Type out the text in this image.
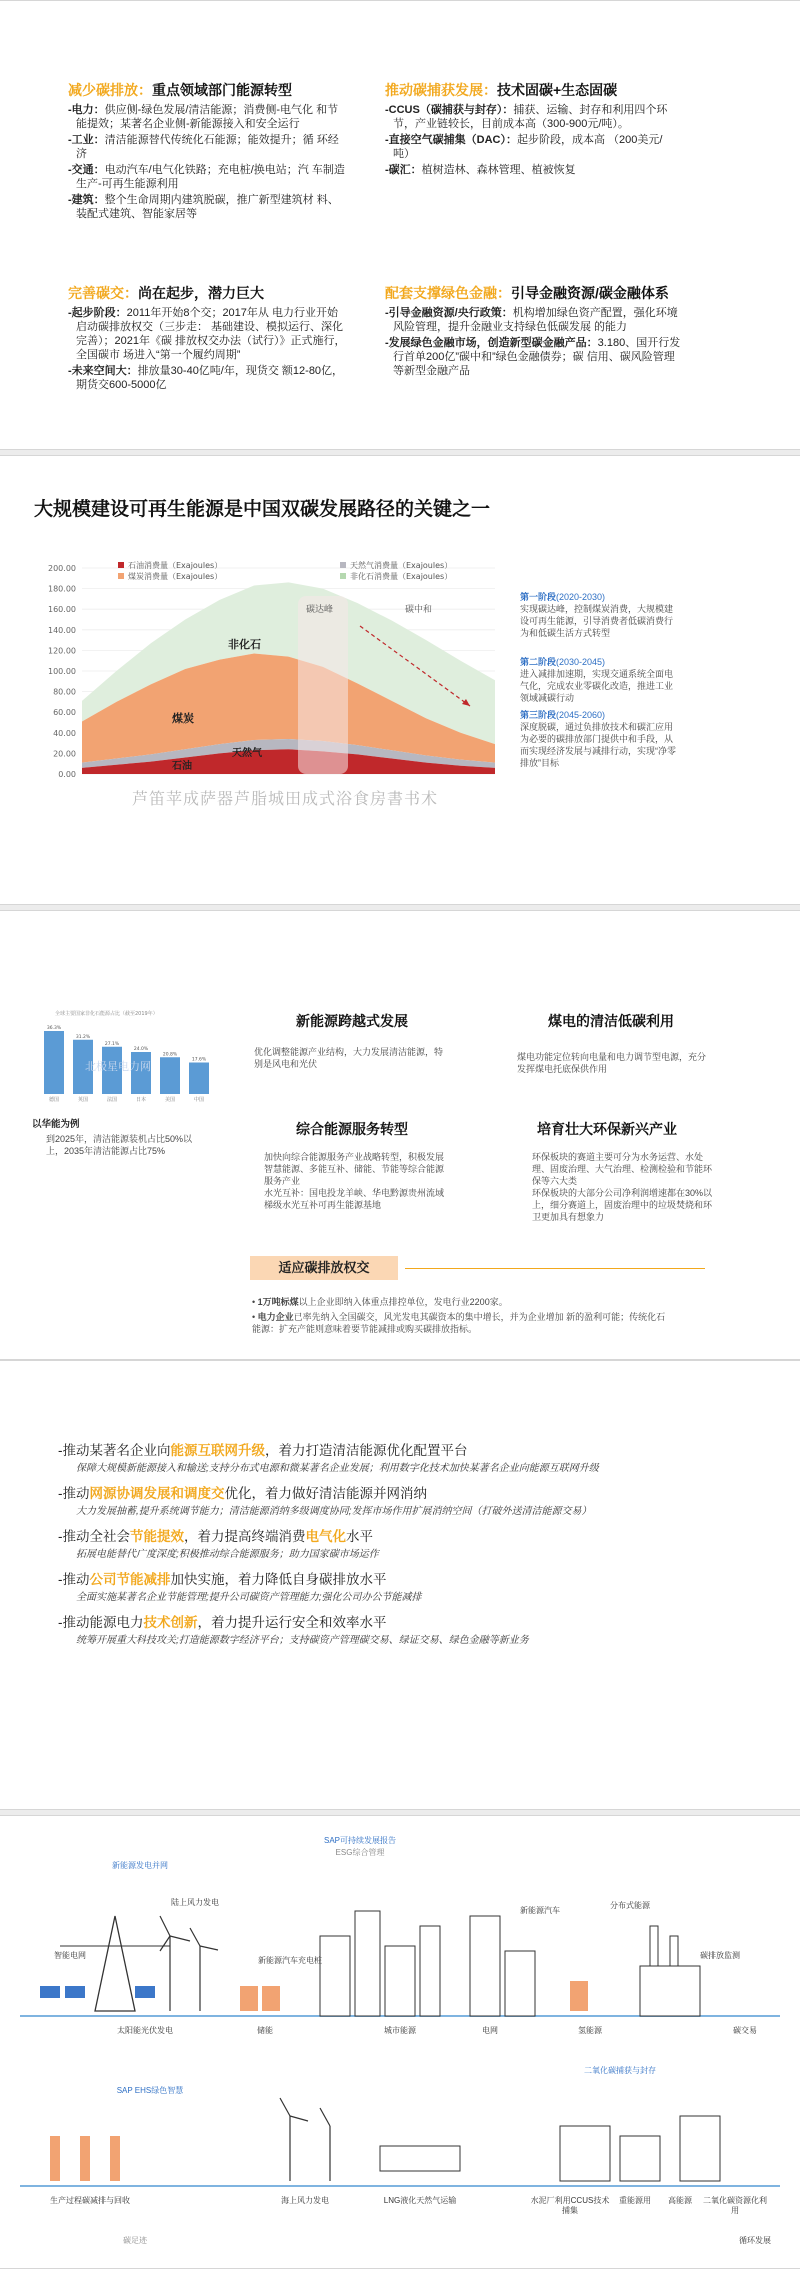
减少碳排放：重点领域部门能源转型
-电力：供应侧-绿色发展/清洁能源；消费侧-电气化 和节能提效；某著名企业侧-新能源接入和安全运行
-工业：清洁能源替代传统化石能源；能效提升；循 环经济
-交通：电动汽车/电气化铁路；充电桩/换电站；汽 车制造生产-可再生能源利用
-建筑：整个生命周期内建筑脱碳，推广新型建筑材 料、装配式建筑、智能家居等
推动碳捕获发展：技术固碳+生态固碳
-CCUS（碳捕获与封存）：捕获、运输、封存和利用四个环节，产业链较长，目前成本高（300-900元/吨）。
-直接空气碳捕集（DAC）：起步阶段，成本高 （200美元/吨）
-碳汇：植树造林、森林管理、植被恢复
完善碳交：尚在起步，潜力巨大
-起步阶段：2011年开始8个交；2017年从 电力行业开始启动碳排放权交（三步走： 基础建设、模拟运行、深化完善）；2021年《碳 排放权交办法（试行）》正式施行，全国碳市 场进入“第一个履约周期”
-未来空间大：排放量30-40亿吨/年，现货交 额12-80亿，期货交600-5000亿
配套支撑绿色金融：引导金融资源/碳金融体系
-引导金融资源/央行政策：机构增加绿色资产配置，强化环境风险管理，提升金融业支持绿色低碳发展 的能力
-发展绿色金融市场，创造新型碳金融产品：3.180、国开行发行首单200亿”碳中和”绿色金融债券；碳 信用、碳风险管理等新型金融产品
大规模建设可再生能源是中国双碳发展路径的关键之一
200.00
180.00
160.00
140.00
120.00
100.00
80.00
60.00
40.00
20.00
0.00
碳达峰	碳中和
石油消费量（Exajoules）
煤炭消费量（Exajoules）
天然气消费量（Exajoules）
非化石消费量（Exajoules）
非化石
煤炭
天然气
石油
第一阶段(2020-2030)
实现碳达峰，控制煤炭消费，大规模建设可再生能源，引导消费者低碳消费行为和低碳生活方式转型
第二阶段(2030-2045)
进入减排加速期，实现交通系统全面电气化，完成农业零碳化改造，推进工业领域减碳行动
第三阶段(2045-2060)
深度脱碳，通过负排放技术和碳汇应用为必要的碳排放部门提供中和手段，从而实现经济发展与减排行动，实现“净零排放”目标
芦笛苹成萨器芦脂城田成式浴食房書书术
全球主要国家非化石能源占比（截至2019年）
36.3%
德国
31.2%
英国
27.1%
法国
24.0%
日本
20.8%
美国
17.6%
中国
北极星电力网
以华能为例
到2025年，清洁能源装机占比50%以上，2035年清洁能源占比75%
新能源跨越式发展
优化调整能源产业结构，大力发展清洁能源，特别是风电和光伏
煤电的清洁低碳利用
煤电功能定位转向电量和电力调节型电源，充分发挥煤电托底保供作用
综合能源服务转型
加快向综合能源服务产业战略转型，积极发展智慧能源、多能互补、储能、节能等综合能源服务产业
水光互补：国电投龙羊峡、华电黔源贵州流域梯级水光互补可再生能源基地
培育壮大环保新兴产业
环保板块的赛道主要可分为水务运营、水处理、固废治理、大气治理、检测检验和节能环保等六大类
环保板块的大部分公司净利润增速都在30%以上，细分赛道上，固废治理中的垃圾焚烧和环卫更加具有想象力
适应碳排放权交
• 1万吨标煤以上企业即纳入体重点排控单位，发电行业2200家。
• 电力企业已率先纳入全国碳交，风光发电其碳资本的集中增长，并为企业增加 新的盈利可能；传统化石能源：扩充产能则意味着要节能减排或购买碳排放指标。
-推动某著名企业向能源互联网升级，着力打造清洁能源优化配置平台
保障大规模新能源接入和输送;支持分布式电源和微某著名企业发展；利用数字化技术加快某著名企业向能源互联网升级
-推动网源协调发展和调度交优化，着力做好清洁能源并网消纳
大力发展抽蓄,提升系统调节能力；清洁能源消纳多级调度协同;发挥市场作用扩展消纳空间（打破外送清洁能源交易）
-推动全社会节能提效，着力提高终端消费电气化水平
拓展电能替代广度深度;积极推动综合能源服务；助力国家碳市场运作
-推动公司节能减排加快实施，着力降低自身碳排放水平
全面实施某著名企业节能管理;提升公司碳资产管理能力;强化公司办公节能减排
-推动能源电力技术创新，着力提升运行安全和效率水平
统筹开展重大科技攻关;打造能源数字经济平台；支持碳资产管理碳交易、绿证交易、绿色金融等新业务
新能源发电并网
智能电网
陆上风力发电
太阳能光伏发电	储能	城市能源
新能源汽车充电桩
SAP可持续发展报告
ESG综合管理
新能源汽车
电网	氢能源
分布式能源
碳排放监测
碳交易
SAP EHS绿色智慧
海上风力发电	LNG液化天然气运输
二氧化碳捕获与封存
水泥厂利用CCUS技术捕集
重能源用	高能源	二氧化碳资源化利用
循环发展
生产过程碳减排与回收
碳足迹
